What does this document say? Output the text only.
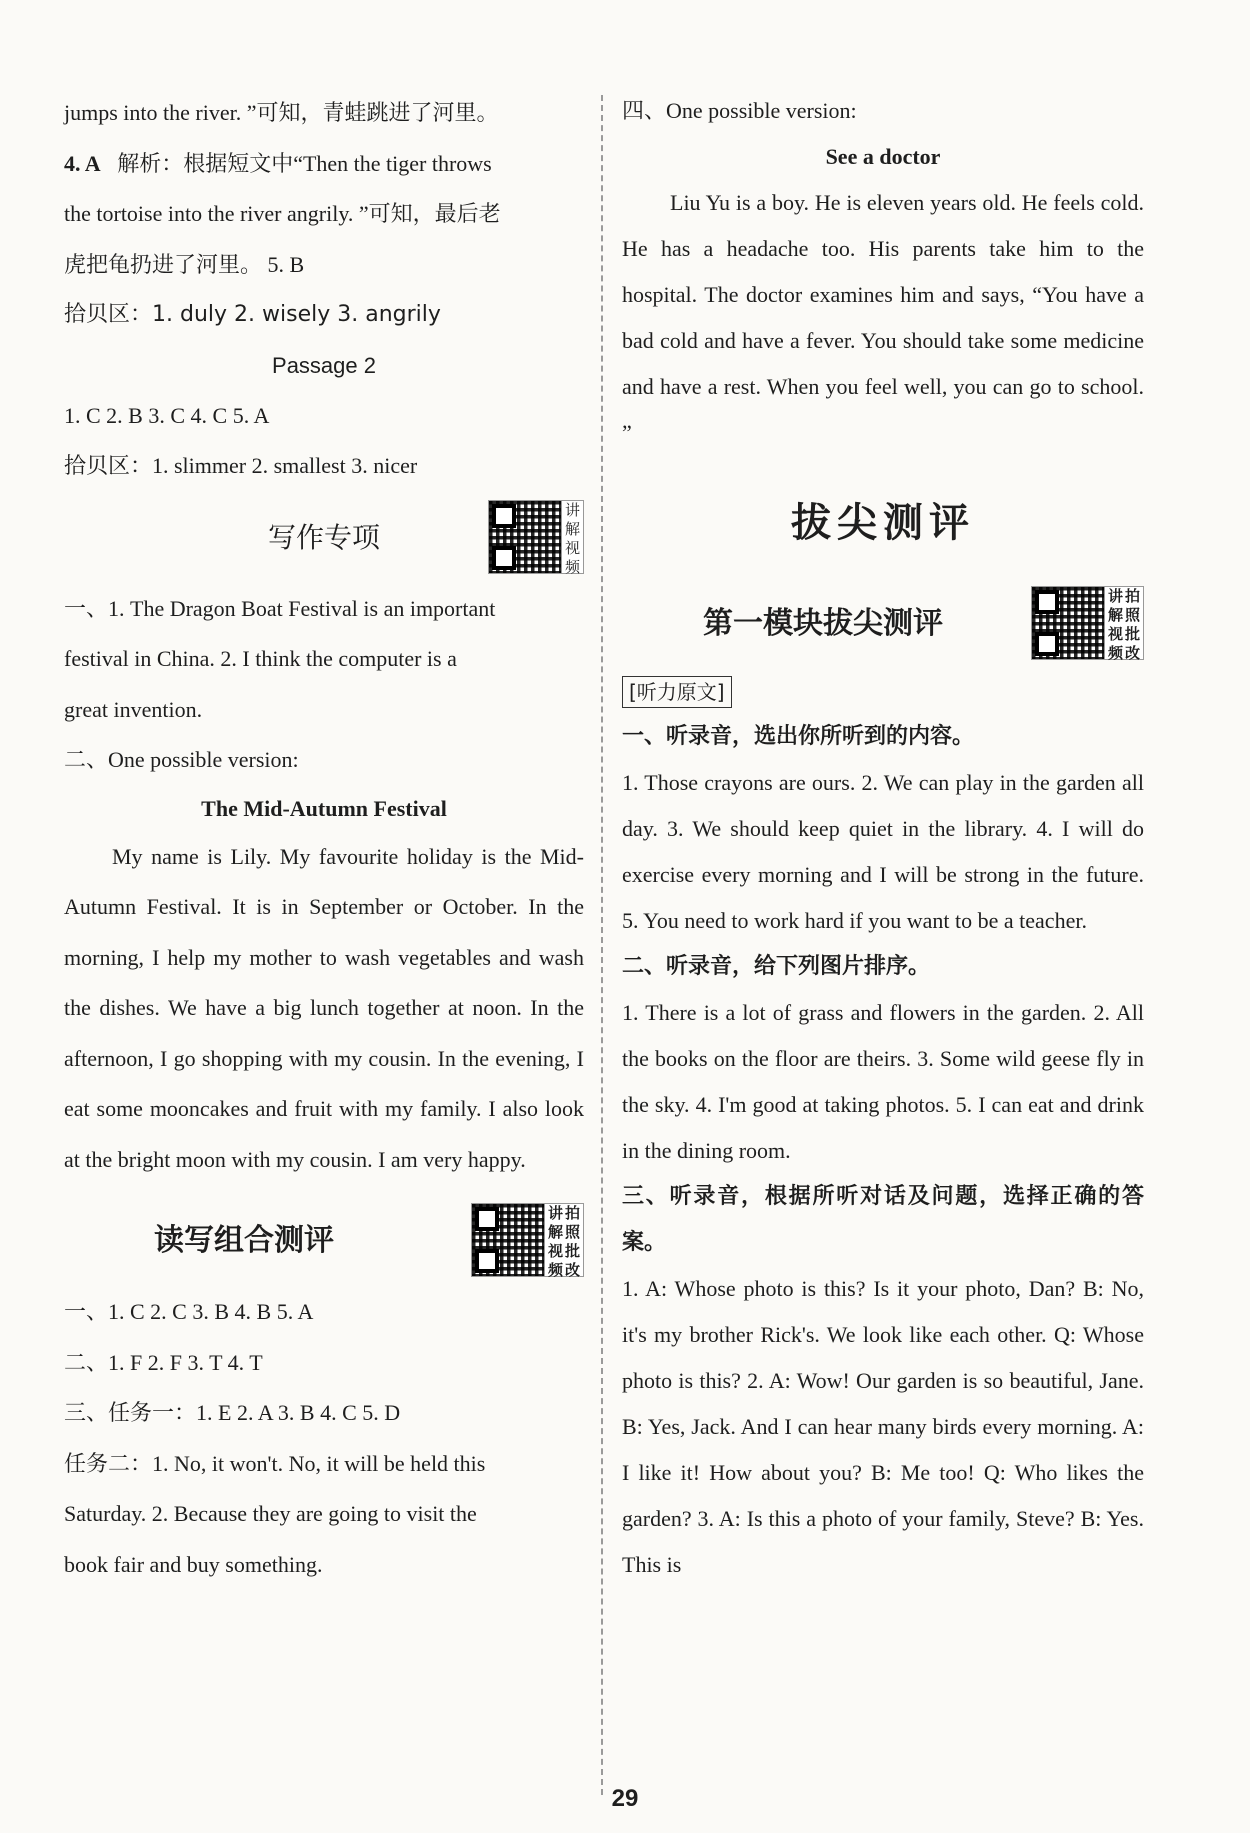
jumps into the river. ”可知，青蛙跳进了河里。

4. A 解析：根据短文中“Then the tiger throws

the tortoise into the river angrily. ”可知，最后老

虎把龟扔进了河里。 5. B

拾贝区：1. duly 2. wisely 3. angrily

Passage 2

1. C 2. B 3. C 4. C 5. A

拾贝区：1. slimmer 2. smallest 3. nicer

写作专项
讲
解
视
频

一、1. The Dragon Boat Festival is an important

festival in China. 2. I think the computer is a

great invention.

二、One possible version:

The Mid-Autumn Festival

My name is Lily. My favourite holiday is the Mid-Autumn Festival. It is in September or October. In the morning, I help my mother to wash vegetables and wash the dishes. We have a big lunch together at noon. In the afternoon, I go shopping with my cousin. In the evening, I eat some mooncakes and fruit with my family. I also look at the bright moon with my cousin. I am very happy.

读写组合测评
讲
解
视
频
拍
照
批
改

一、1. C 2. C 3. B 4. B 5. A

二、1. F 2. F 3. T 4. T

三、任务一：1. E 2. A 3. B 4. C 5. D

任务二：1. No, it won't. No, it will be held this

Saturday. 2. Because they are going to visit the

book fair and buy something.

四、One possible version:

See a doctor

Liu Yu is a boy. He is eleven years old. He feels cold. He has a headache too. His parents take him to the hospital. The doctor examines him and says, “You have a bad cold and have a fever. You should take some medicine and have a rest. When you feel well, you can go to school. ”

拔尖测评
第一模块拔尖测评
讲
解
视
频
拍
照
批
改
[听力原文]

一、听录音，选出你所听到的内容。

1. Those crayons are ours. 2. We can play in the garden all day. 3. We should keep quiet in the library. 4. I will do exercise every morning and I will be strong in the future. 5. You need to work hard if you want to be a teacher.

二、听录音，给下列图片排序。

1. There is a lot of grass and flowers in the garden. 2. All the books on the floor are theirs. 3. Some wild geese fly in the sky. 4. I'm good at taking photos. 5. I can eat and drink in the dining room.

三、听录音，根据所听对话及问题，选择正确的答案。

1. A: Whose photo is this? Is it your photo, Dan? B: No, it's my brother Rick's. We look like each other. Q: Whose photo is this? 2. A: Wow! Our garden is so beautiful, Jane. B: Yes, Jack. And I can hear many birds every morning. A: I like it! How about you? B: Me too! Q: Who likes the garden? 3. A: Is this a photo of your family, Steve? B: Yes. This is

29
